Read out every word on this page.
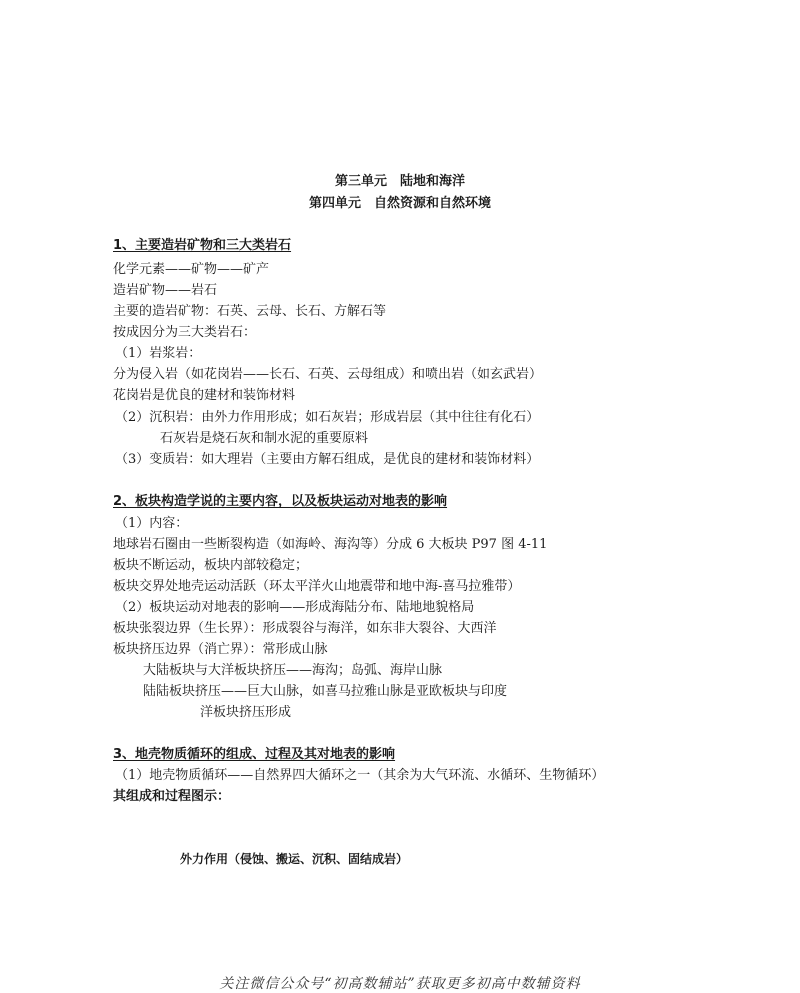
第三单元　陆地和海洋
第四单元　自然资源和自然环境
1、主要造岩矿物和三大类岩石
化学元素——矿物——矿产
造岩矿物——岩石
主要的造岩矿物：石英、云母、长石、方解石等
按成因分为三大类岩石：
（1）岩浆岩：
分为侵入岩（如花岗岩——长石、石英、云母组成）和喷出岩（如玄武岩）
花岗岩是优良的建材和装饰材料
（2）沉积岩：由外力作用形成；如石灰岩；形成岩层（其中往往有化石）
石灰岩是烧石灰和制水泥的重要原料
（3）变质岩：如大理岩（主要由方解石组成，是优良的建材和装饰材料）
2、板块构造学说的主要内容，以及板块运动对地表的影响
（1）内容：
地球岩石圈由一些断裂构造（如海岭、海沟等）分成 6 大板块 P97 图 4-11
板块不断运动，板块内部较稳定；
板块交界处地壳运动活跃（环太平洋火山地震带和地中海-喜马拉雅带）
（2）板块运动对地表的影响——形成海陆分布、陆地地貌格局
板块张裂边界（生长界）：形成裂谷与海洋，如东非大裂谷、大西洋
板块挤压边界（消亡界）：常形成山脉
大陆板块与大洋板块挤压——海沟；岛弧、海岸山脉
陆陆板块挤压——巨大山脉，如喜马拉雅山脉是亚欧板块与印度
洋板块挤压形成
3、地壳物质循环的组成、过程及其对地表的影响
（1）地壳物质循环——自然界四大循环之一（其余为大气环流、水循环、生物循环）
其组成和过程图示：
外力作用（侵蚀、搬运、沉积、固结成岩）
关注微信公众号“初高数辅站”获取更多初高中数辅资料
